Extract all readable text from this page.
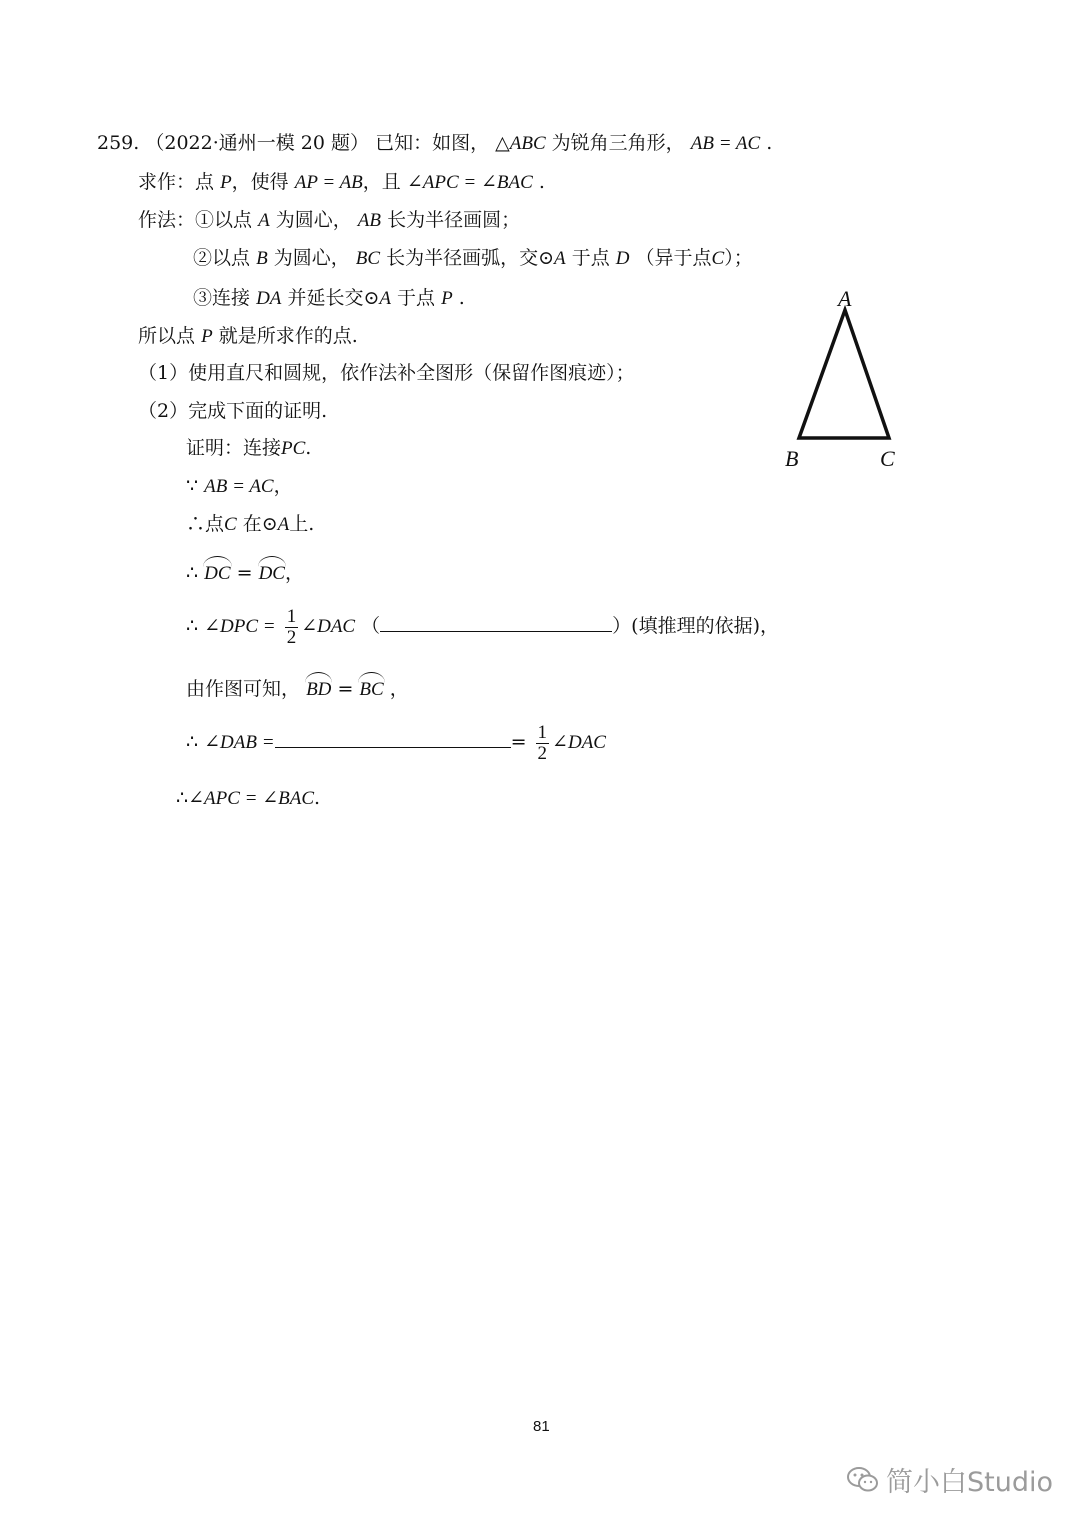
259. （2022·通州一模 20 题） 已知：如图， △ABC 为锐角三角形， AB = AC .
求作：点 P，使得 AP = AB，且 ∠APC = ∠BAC .
作法：①以点 A 为圆心， AB 长为半径画圆；
②以点 B 为圆心， BC 长为半径画弧，交⊙A 于点 D （异于点C）；
③连接 DA 并延长交⊙A 于点 P .
所以点 P 就是所求作的点.
（1）使用直尺和圆规，依作法补全图形（保留作图痕迹）；
（2）完成下面的证明.
证明：连接PC.
∵ AB = AC，
∴点C 在⊙A上.
∴ DC = DC，
∴ ∠DPC = $\frac{1}{2}$ ∠DAC （	）(填推理的依据)，
由作图可知， BD = BC ，
∴ ∠DAB =	= $\frac{1}{2}$ ∠DAC
∴∠APC = ∠BAC.
A
B	C
81
简小白Studio
